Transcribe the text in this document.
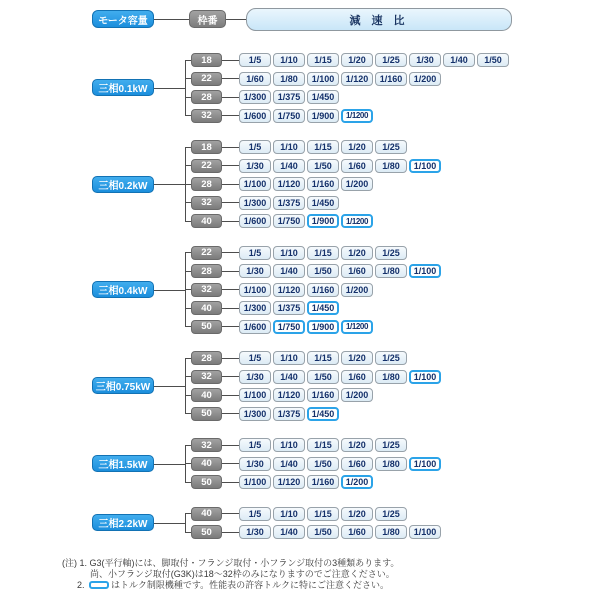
モータ容量	枠番	減 速 比
三相0.1kW
18	1/5	1/10	1/15	1/20	1/25	1/30	1/40	1/50
22	1/60	1/80	1/100	1/120	1/160	1/200
28	1/300	1/375	1/450
32	1/600	1/750	1/900	1/1200
三相0.2kW
18	1/5	1/10	1/15	1/20	1/25
22	1/30	1/40	1/50	1/60	1/80	1/100
28	1/100	1/120	1/160	1/200
32	1/300	1/375	1/450
40	1/600	1/750	1/900	1/1200
三相0.4kW
22	1/5	1/10	1/15	1/20	1/25
28	1/30	1/40	1/50	1/60	1/80	1/100
32	1/100	1/120	1/160	1/200
40	1/300	1/375	1/450
50	1/600	1/750	1/900	1/1200
三相0.75kW
28	1/5	1/10	1/15	1/20	1/25
32	1/30	1/40	1/50	1/60	1/80	1/100
40	1/100	1/120	1/160	1/200
50	1/300	1/375	1/450
三相1.5kW
32	1/5	1/10	1/15	1/20	1/25
40	1/30	1/40	1/50	1/60	1/80	1/100
50	1/100	1/120	1/160	1/200
三相2.2kW
40	1/5	1/10	1/15	1/20	1/25
50	1/30	1/40	1/50	1/60	1/80	1/100
(注) 1. G3(平行軸)には、脚取付・フランジ取付・小フランジ取付の3種類あります。
尚、小フランジ取付(G3K)は18～32枠のみになりますのでご注意ください。
2.	はトルク制限機種です。性能表の許容トルクに特にご注意ください。
